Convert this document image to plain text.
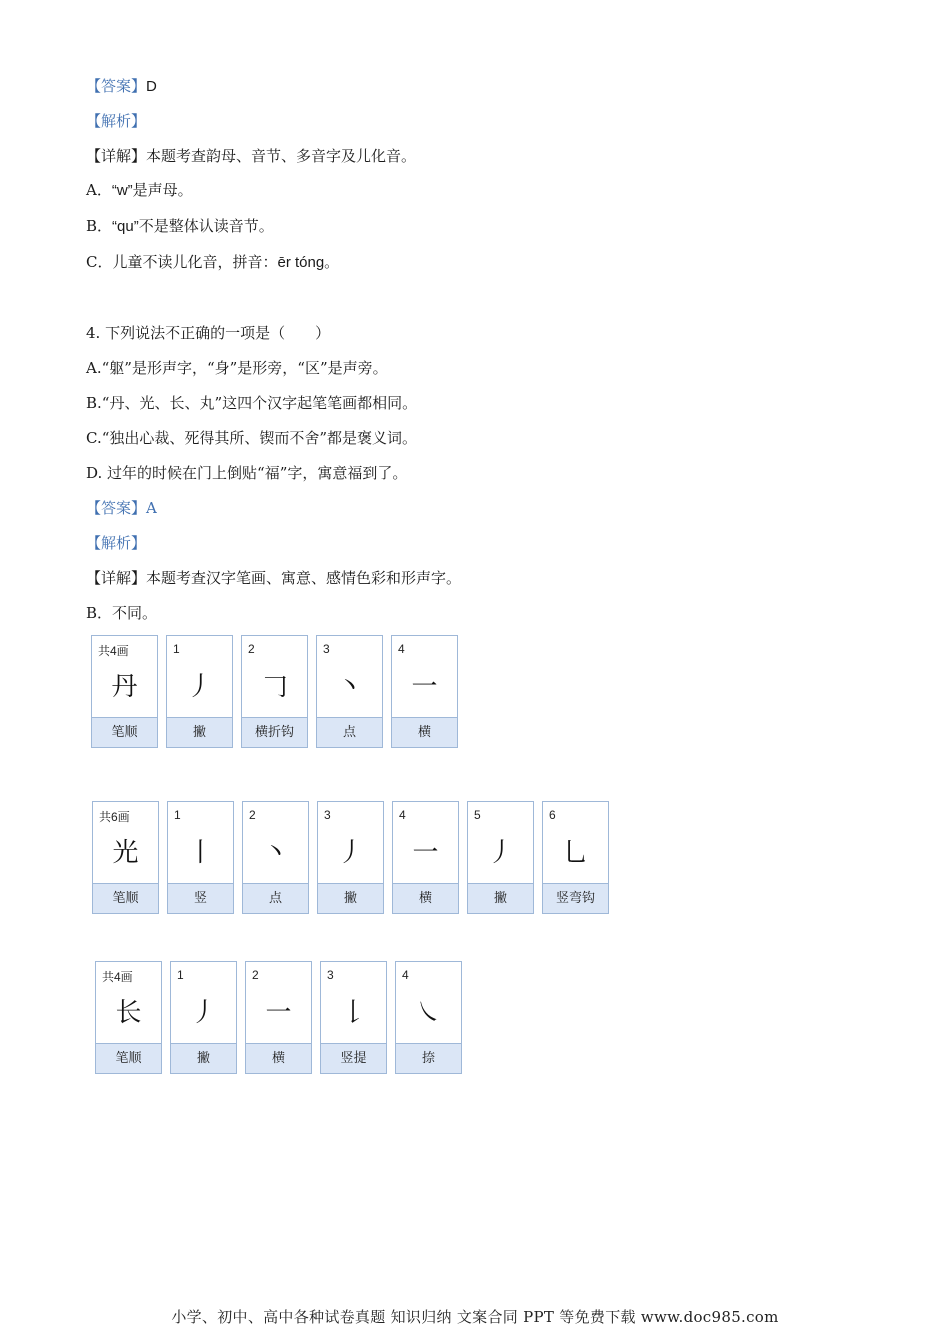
【答案】D
【解析】
【详解】本题考查韵母、音节、多音字及儿化音。
A．“w”是声母。
B．“qu”不是整体认读音节。
C．儿童不读儿化音，拼音：ēr tóng。
4. 下列说法不正确的一项是（　　）
A.“躯”是形声字，“身”是形旁，“区”是声旁。
B.“丹、光、长、丸”这四个汉字起笔笔画都相同。
C.“独出心裁、死得其所、锲而不舍”都是褒义词。
D. 过年的时候在门上倒贴“福”字，寓意福到了。
【答案】A
【解析】
【详解】本题考查汉字笔画、寓意、感情色彩和形声字。
B．不同。
共4画
丹
笔顺
1
丿
撇
2
𠃌
横折钩
3
丶
点
4
一
横
共6画
光
笔顺
1
丨
竖
2
丶
点
3
丿
撇
4
一
横
5
丿
撇
6
乚
竖弯钩
共4画
长
笔顺
1
丿
撇
2
一
横
3
𠄌
竖提
4
㇏
捺
小学、初中、高中各种试卷真题 知识归纳 文案合同 PPT 等免费下载 www.doc985.com
